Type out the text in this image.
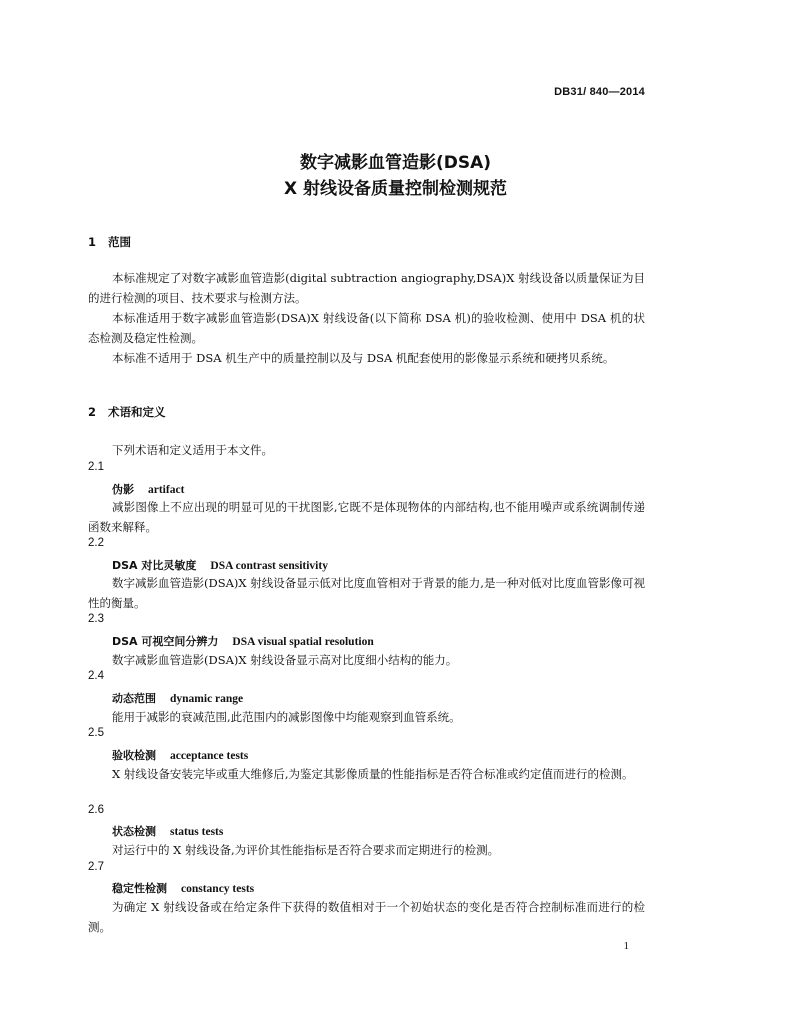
DB31/ 840—2014
数字减影血管造影(DSA)
X 射线设备质量控制检测规范
1 范围
本标准规定了对数字减影血管造影(digital subtraction angiography,DSA)X 射线设备以质量保证为目的进行检测的项目、技术要求与检测方法。
本标准适用于数字减影血管造影(DSA)X 射线设备(以下简称 DSA 机)的验收检测、使用中 DSA 机的状态检测及稳定性检测。
本标准不适用于 DSA 机生产中的质量控制以及与 DSA 机配套使用的影像显示系统和硬拷贝系统。
2 术语和定义
下列术语和定义适用于本文件。
2.1
伪影 artifact
减影图像上不应出现的明显可见的干扰图影,它既不是体现物体的内部结构,也不能用噪声或系统调制传递函数来解释。
2.2
DSA 对比灵敏度 DSA contrast sensitivity
数字减影血管造影(DSA)X 射线设备显示低对比度血管相对于背景的能力,是一种对低对比度血管影像可视性的衡量。
2.3
DSA 可视空间分辨力 DSA visual spatial resolution
数字减影血管造影(DSA)X 射线设备显示高对比度细小结构的能力。
2.4
动态范围 dynamic range
能用于减影的衰减范围,此范围内的减影图像中均能观察到血管系统。
2.5
验收检测 acceptance tests
X 射线设备安装完毕或重大维修后,为鉴定其影像质量的性能指标是否符合标准或约定值而进行的检测。
2.6
状态检测 status tests
对运行中的 X 射线设备,为评价其性能指标是否符合要求而定期进行的检测。
2.7
稳定性检测 constancy tests
为确定 X 射线设备或在给定条件下获得的数值相对于一个初始状态的变化是否符合控制标准而进行的检测。
1
